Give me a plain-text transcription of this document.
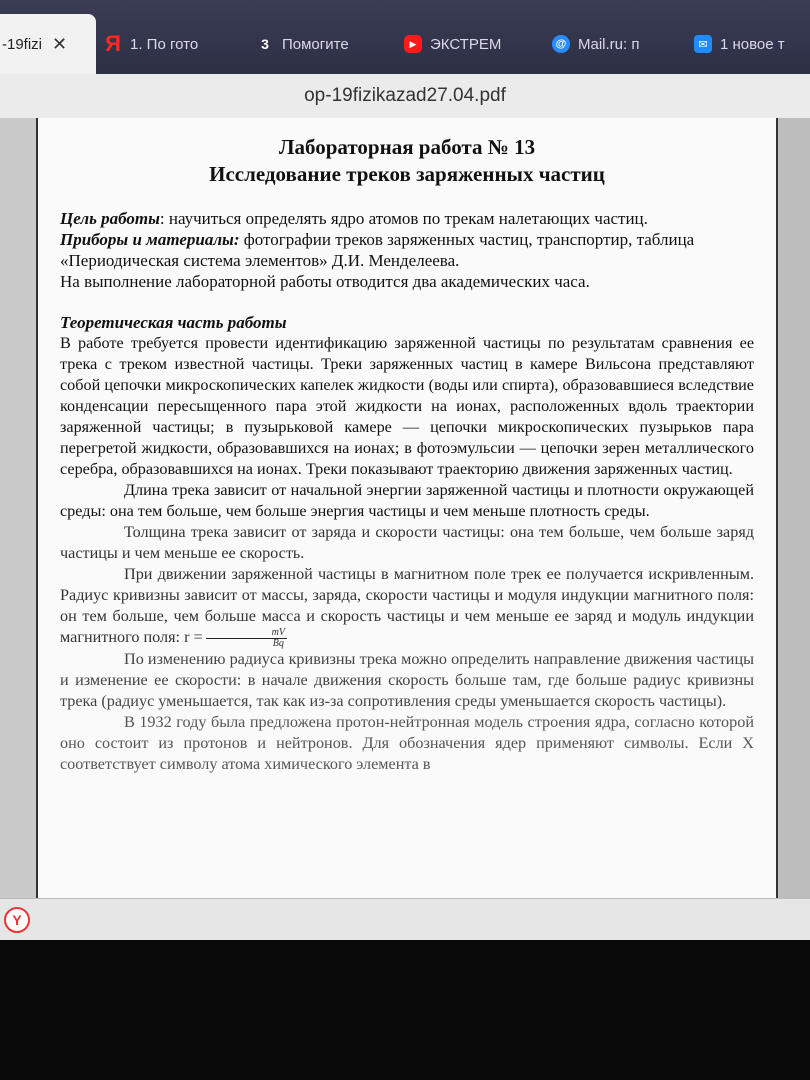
-19fizi ✕ Я 1. По гото	3 Помогите	▶ ЭКСТРЕМ	@ Mail.ru: п	✉ 1 новое т
op-19fizikazad27.04.pdf
Лабораторная работа № 13
Исследование треков заряженных частиц

Цель работы: научиться определять ядро атомов по трекам налетающих частиц.

Приборы и материалы: фотографии треков заряженных частиц, транспортир, таблица «Периодическая система элементов» Д.И. Менделеева.

На выполнение лабораторной работы отводится два академических часа.

Теоретическая часть работы

В работе требуется провести идентификацию заряженной частицы по результатам сравнения ее трека с треком известной частицы. Треки заряженных частиц в камере Вильсона представляют собой цепочки микроскопических капелек жидкости (воды или спирта), образовавшиеся вследствие конденсации пересыщенного пара этой жидкости на ионах, расположенных вдоль траектории заряженной частицы; в пузырьковой камере — цепочки микроскопических пузырьков пара перегретой жидкости, образовавшихся на ионах; в фотоэмульсии — цепочки зерен металлического серебра, образовавшихся на ионах. Треки показывают траекторию движения заряженных частиц.

Длина трека зависит от начальной энергии заряженной частицы и плотности окружающей среды: она тем больше, чем больше энергия частицы и чем меньше плотность среды.

Толщина трека зависит от заряда и скорости частицы: она тем больше, чем больше заряд частицы и чем меньше ее скорость.

При движении заряженной частицы в магнитном поле трек ее получается искривленным. Радиус кривизны зависит от массы, заряда, скорости частицы и модуля индукции магнитного поля: он тем больше, чем больше масса и скорость частицы и чем меньше ее заряд и модуль индукции магнитного поля: $r = \frac{mV}{Bq}$

По изменению радиуса кривизны трека можно определить направление движения частицы и изменение ее скорости: в начале движения скорость больше там, где больше радиус кривизны трека (радиус уменьшается, так как из-за сопротивления среды уменьшается скорость частицы).

В 1932 году была предложена протон-нейтронная модель строения ядра, согласно которой оно состоит из протонов и нейтронов. Для обозначения ядер применяют символы. Если X соответствует символу атома химического элемента в

Y
